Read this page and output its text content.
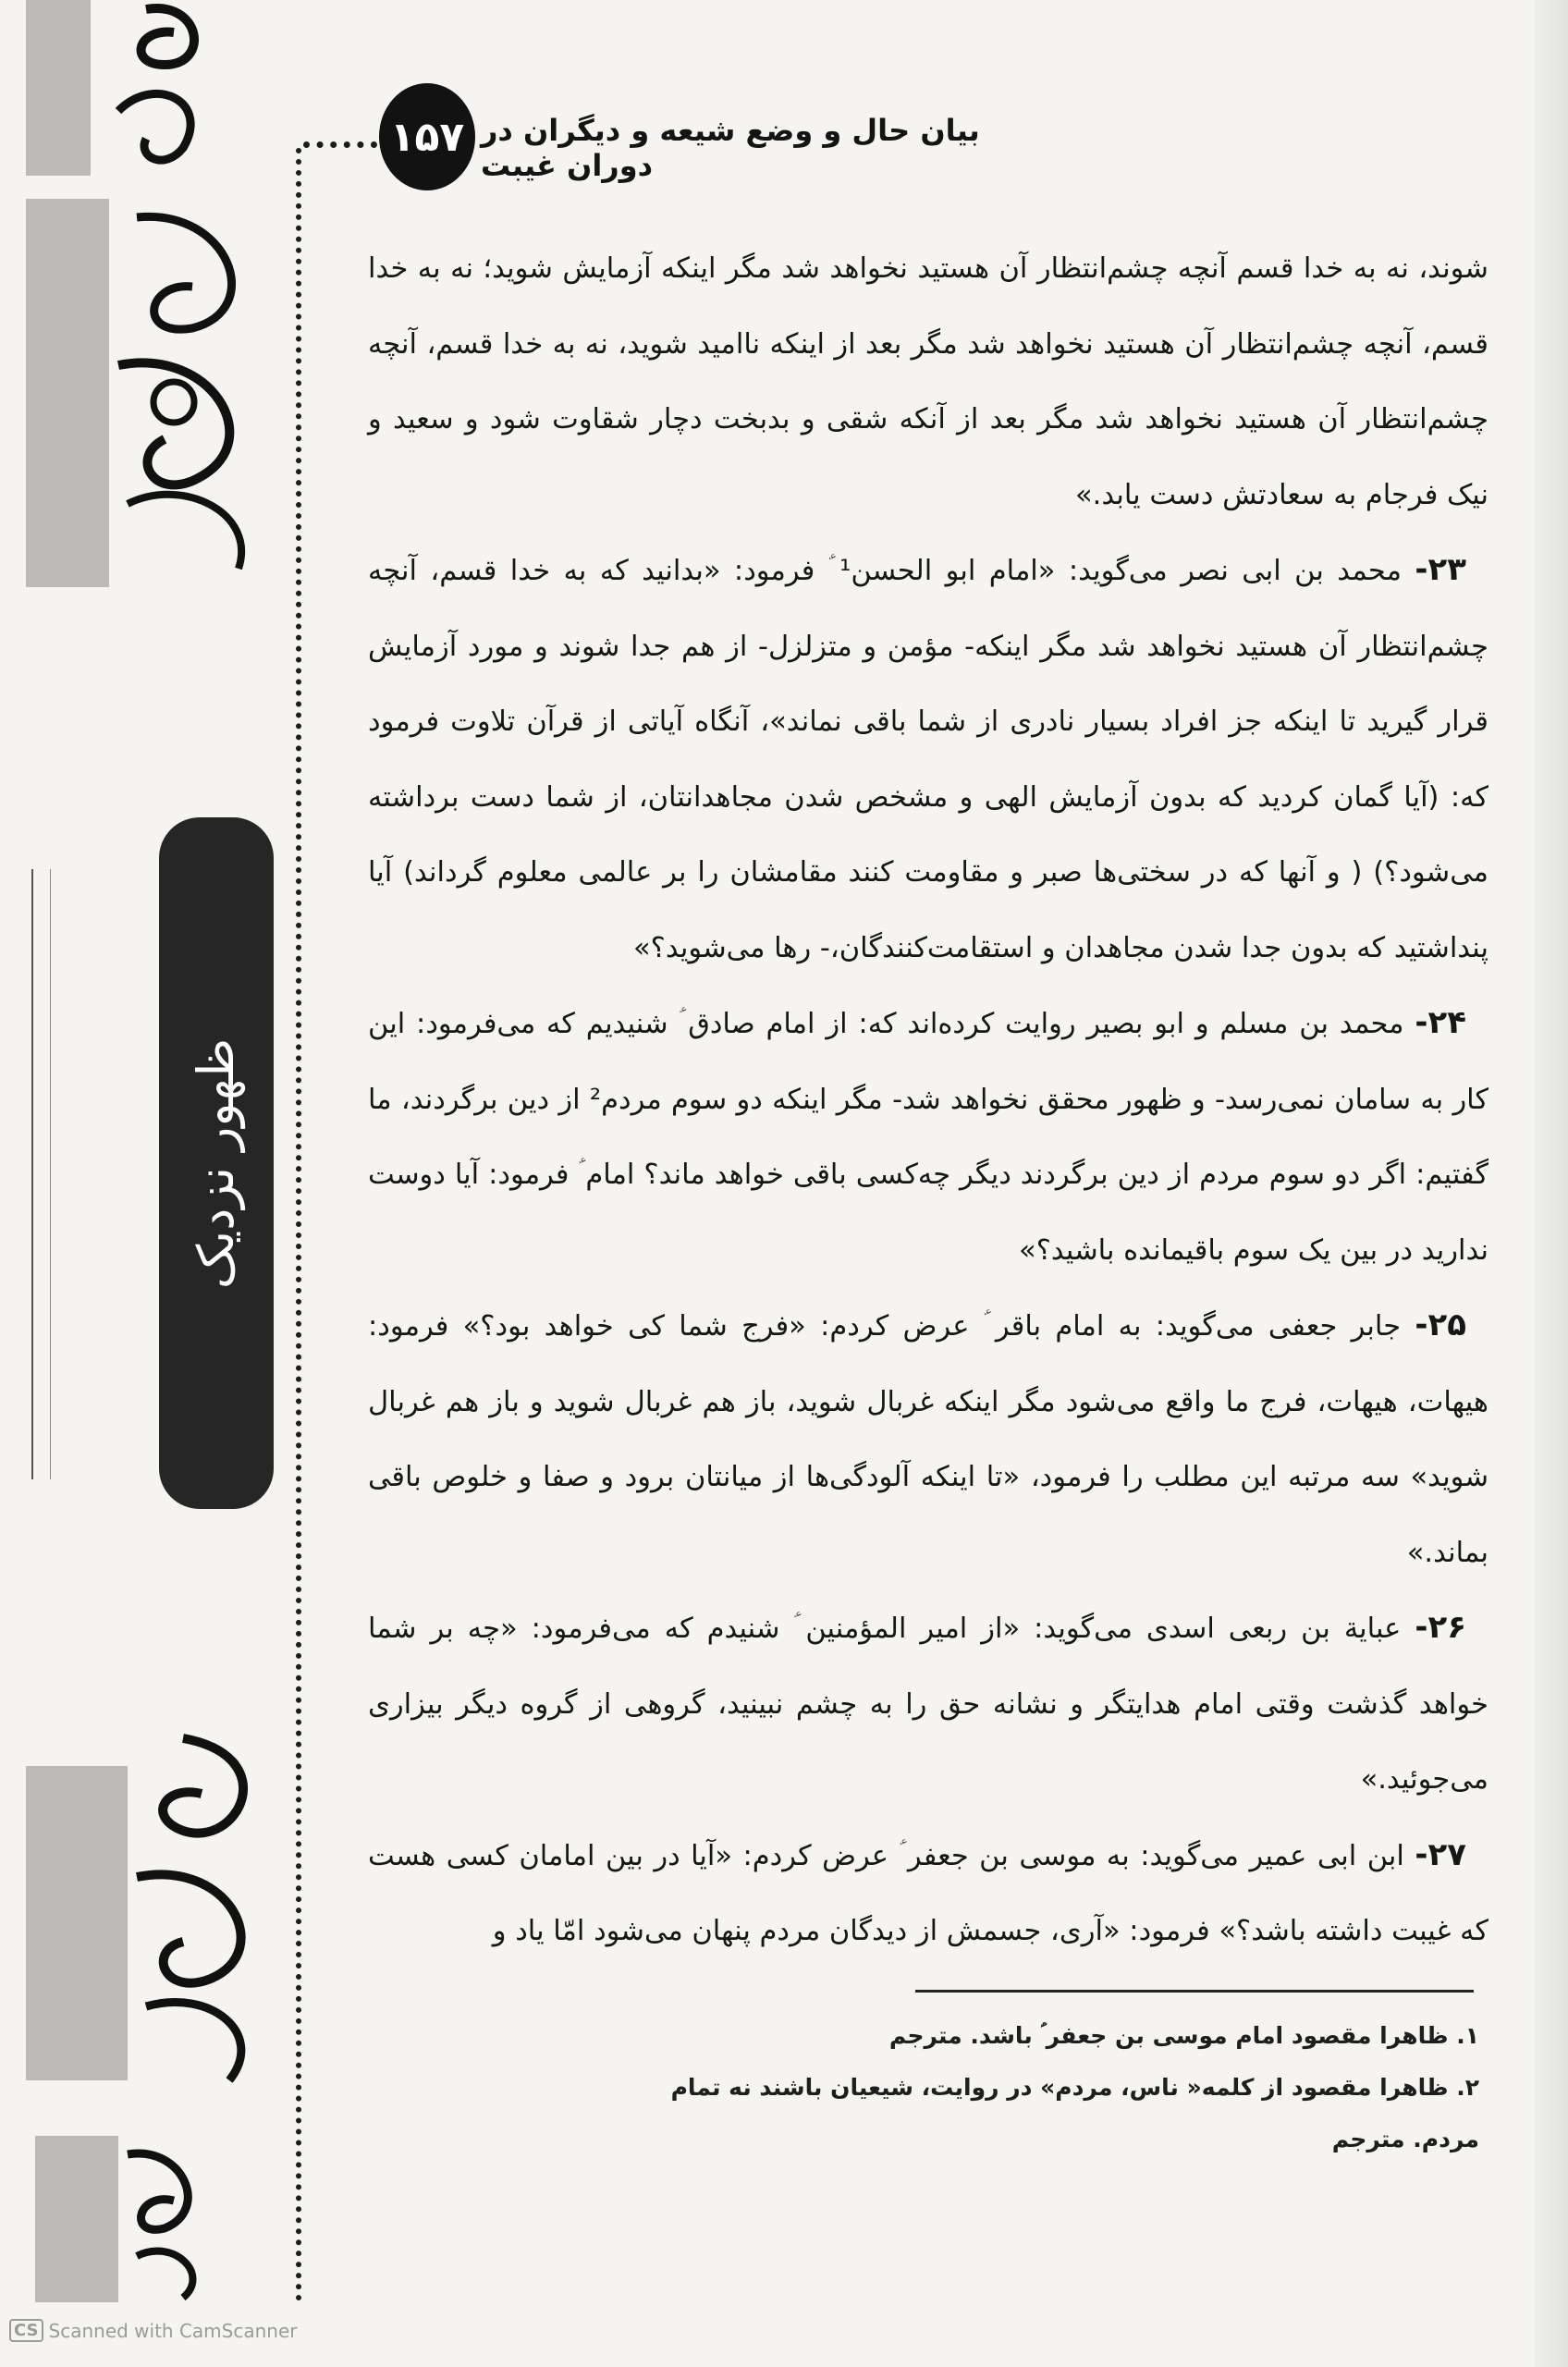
۱۵۷ بیان حال و وضع شیعه و دیگران در دوران غیبت
ظهور نزدیک

شوند، نه به خدا قسم آنچه چشم‌انتظار آن هستید نخواهد شد مگر اینکه آزمایش شوید؛ نه به خدا قسم، آنچه چشم‌انتظار آن هستید نخواهد شد مگر بعد از اینکه ناامید شوید، نه به خدا قسم، آنچه چشم‌انتظار آن هستید نخواهد شد مگر بعد از آنکه شقی و بدبخت دچار شقاوت شود و سعید و نیک فرجام به سعادتش دست یابد.»

۲۳- محمد بن ابی نصر می‌گوید: «امام ابو الحسن¹ ؑ فرمود: «بدانید که به خدا قسم، آنچه چشم‌انتظار آن هستید نخواهد شد مگر اینکه- مؤمن و متزلزل- از هم جدا شوند و مورد آزمایش قرار گیرید تا اینکه جز افراد بسیار نادری از شما باقی نماند»، آنگاه آیاتی از قرآن تلاوت فرمود که: (آیا گمان کردید که بدون آزمایش الهی و مشخص شدن مجاهدانتان، از شما دست برداشته می‌شود؟) ( و آنها که در سختی‌ها صبر و مقاومت کنند مقامشان را بر عالمی معلوم گرداند) آیا پنداشتید که بدون جدا شدن مجاهدان و استقامت‌کنندگان،- رها می‌شوید؟»

۲۴- محمد بن مسلم و ابو بصیر روایت کرده‌اند که: از امام صادق ؑ شنیدیم که می‌فرمود: این کار به سامان نمی‌رسد- و ظهور محقق نخواهد شد- مگر اینکه دو سوم مردم² از دین برگردند، ما گفتیم: اگر دو سوم مردم از دین برگردند دیگر چه‌کسی باقی خواهد ماند؟ امام ؑ فرمود: آیا دوست ندارید در بین یک سوم باقیمانده باشید؟»

۲۵- جابر جعفی می‌گوید: به امام باقر ؑ عرض کردم: «فرج شما کی خواهد بود؟» فرمود: هیهات، هیهات، فرج ما واقع می‌شود مگر اینکه غربال شوید، باز هم غربال شوید و باز هم غربال شوید» سه مرتبه این مطلب را فرمود، «تا اینکه آلودگی‌ها از میانتان برود و صفا و خلوص باقی بماند.»

۲۶- عبایة بن ربعی اسدی می‌گوید: «از امیر المؤمنین ؑ شنیدم که می‌فرمود: «چه بر شما خواهد گذشت وقتی امام هدایتگر و نشانه حق را به چشم نبینید، گروهی از گروه دیگر بیزاری می‌جوئید.»

۲۷- ابن ابی عمیر می‌گوید: به موسی بن جعفر ؑ عرض کردم: «آیا در بین امامان کسی هست که غیبت داشته باشد؟» فرمود: «آری، جسمش از دیدگان مردم پنهان می‌شود امّا یاد و

۱. ظاهرا مقصود امام موسی بن جعفر ؑ باشد. مترجم

۲. ظاهرا مقصود از کلمه« ناس، مردم» در روایت، شیعیان باشند نه تمام مردم. مترجم

CS Scanned with CamScanner
